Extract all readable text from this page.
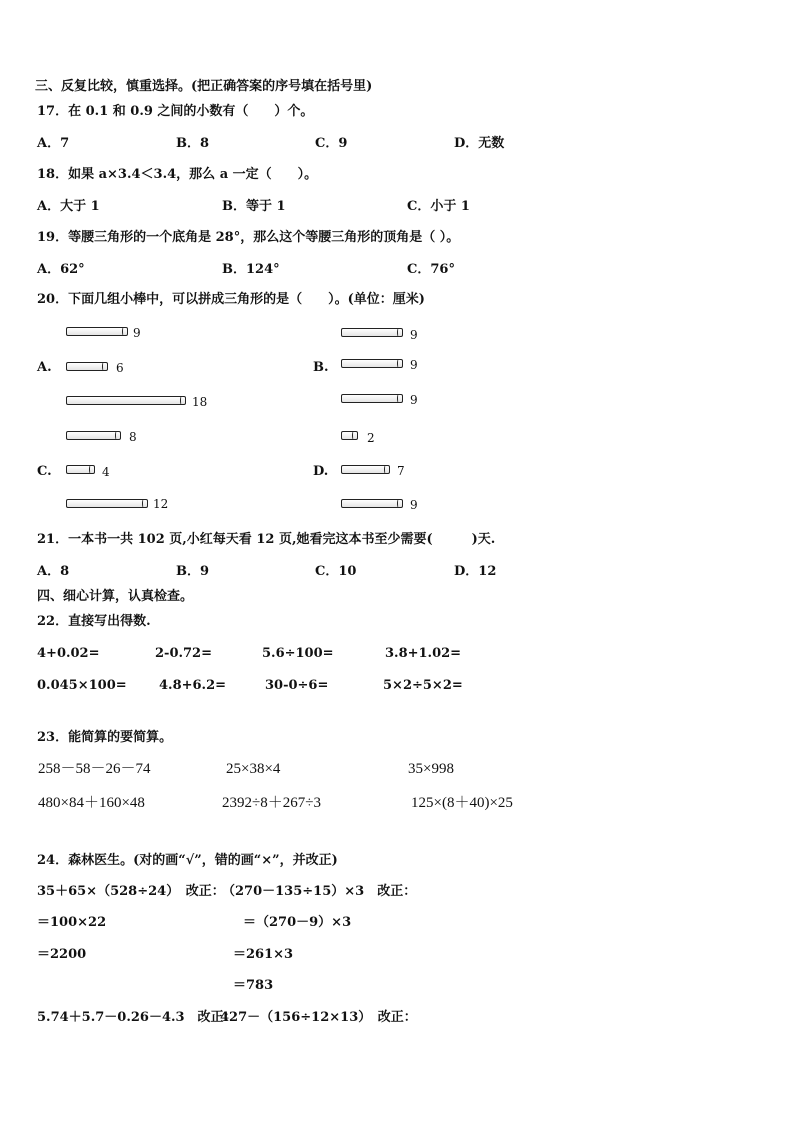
三、反复比较，慎重选择。(把正确答案的序号填在括号里)
17．在 0.1 和 0.9 之间的小数有（　　）个。
A．7	B．8	C．9	D．无数
18．如果 a×3.4＜3.4，那么 a 一定（　　）。
A．大于 1	B．等于 1	C．小于 1
19．等腰三角形的一个底角是 28°，那么这个等腰三角形的顶角是（ ）。
A．62°	B．124°	C．76°
20．下面几组小棒中，可以拼成三角形的是（　　）。(单位：厘米)
9
A.	6
18
9
B.	9
9
8
C.	4
12
2
D.	7
9
21．一本书一共 102 页,小红每天看 12 页,她看完这本书至少需要(　　　)天.
A．8	B．9	C．10	D．12
四、细心计算，认真检查。
22．直接写出得数.
4+0.02=	2-0.72=	5.6÷100=	3.8+1.02=
0.045×100= 4.8+6.2=	30-0÷6=	5×2÷5×2=
23．能简算的要简算。
258－58－26－74	25×38×4	35×998
480×84＋160×48	2392÷8＋267÷3	125×(8＋40)×25
24．森林医生。(对的画“√”，错的画“×”，并改正)
35＋65×（528÷24）　改正：
（270－135÷15）×3　改正：
＝100×22	＝（270－9）×3
＝2200	＝261×3
＝783
5.74＋5.7－0.26－4.3　改正：
427－（156÷12×13）　改正：
